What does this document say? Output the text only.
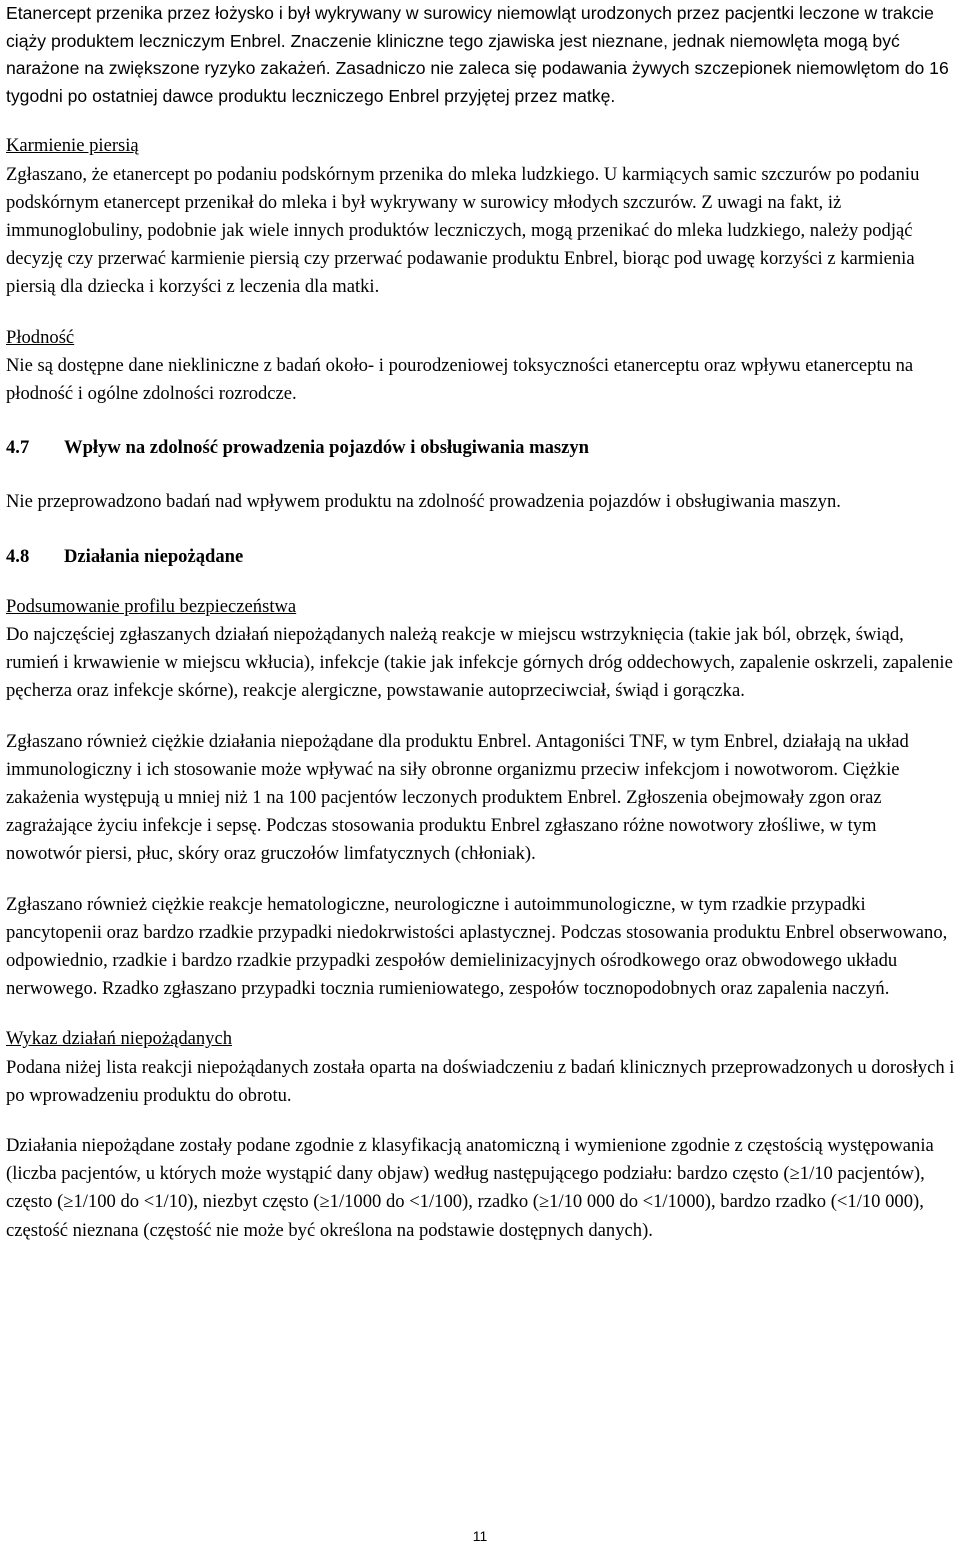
Etanercept przenika przez łożysko i był wykrywany w surowicy niemowląt urodzonych przez pacjentki leczone w trakcie ciąży produktem leczniczym Enbrel. Znaczenie kliniczne tego zjawiska jest nieznane, jednak niemowlęta mogą być narażone na zwiększone ryzyko zakażeń. Zasadniczo nie zaleca się podawania żywych szczepionek niemowlętom do 16 tygodni po ostatniej dawce produktu leczniczego Enbrel przyjętej przez matkę.

Karmienie piersią

Zgłaszano, że etanercept po podaniu podskórnym przenika do mleka ludzkiego. U karmiących samic szczurów po podaniu podskórnym etanercept przenikał do mleka i był wykrywany w surowicy młodych szczurów. Z uwagi na fakt, iż immunoglobuliny, podobnie jak wiele innych produktów leczniczych, mogą przenikać do mleka ludzkiego, należy podjąć decyzję czy przerwać karmienie piersią czy przerwać podawanie produktu Enbrel, biorąc pod uwagę korzyści z karmienia piersią dla dziecka i korzyści z leczenia dla matki.

Płodność

Nie są dostępne dane niekliniczne z badań około- i pourodzeniowej toksyczności etanerceptu oraz wpływu etanerceptu na płodność i ogólne zdolności rozrodcze.

4.7 Wpływ na zdolność prowadzenia pojazdów i obsługiwania maszyn

Nie przeprowadzono badań nad wpływem produktu na zdolność prowadzenia pojazdów i obsługiwania maszyn.

4.8 Działania niepożądane

Podsumowanie profilu bezpieczeństwa

Do najczęściej zgłaszanych działań niepożądanych należą reakcje w miejscu wstrzyknięcia (takie jak ból, obrzęk, świąd, rumień i krwawienie w miejscu wkłucia), infekcje (takie jak infekcje górnych dróg oddechowych, zapalenie oskrzeli, zapalenie pęcherza oraz infekcje skórne), reakcje alergiczne, powstawanie autoprzeciwciał, świąd i gorączka.

Zgłaszano również ciężkie działania niepożądane dla produktu Enbrel. Antagoniści TNF, w tym Enbrel, działają na układ immunologiczny i ich stosowanie może wpływać na siły obronne organizmu przeciw infekcjom i nowotworom. Ciężkie zakażenia występują u mniej niż 1 na 100 pacjentów leczonych produktem Enbrel. Zgłoszenia obejmowały zgon oraz zagrażające życiu infekcje i sepsę. Podczas stosowania produktu Enbrel zgłaszano różne nowotwory złośliwe, w tym nowotwór piersi, płuc, skóry oraz gruczołów limfatycznych (chłoniak).

Zgłaszano również ciężkie reakcje hematologiczne, neurologiczne i autoimmunologiczne, w tym rzadkie przypadki pancytopenii oraz bardzo rzadkie przypadki niedokrwistości aplastycznej. Podczas stosowania produktu Enbrel obserwowano, odpowiednio, rzadkie i bardzo rzadkie przypadki zespołów demielinizacyjnych ośrodkowego oraz obwodowego układu nerwowego. Rzadko zgłaszano przypadki tocznia rumieniowatego, zespołów tocznopodobnych oraz zapalenia naczyń.

Wykaz działań niepożądanych

Podana niżej lista reakcji niepożądanych została oparta na doświadczeniu z badań klinicznych przeprowadzonych u dorosłych i po wprowadzeniu produktu do obrotu.

Działania niepożądane zostały podane zgodnie z klasyfikacją anatomiczną i wymienione zgodnie z częstością występowania (liczba pacjentów, u których może wystąpić dany objaw) według następującego podziału: bardzo często (≥1/10 pacjentów), często (≥1/100 do <1/10), niezbyt często (≥1/1000 do <1/100), rzadko (≥1/10 000 do <1/1000), bardzo rzadko (<1/10 000), częstość nieznana (częstość nie może być określona na podstawie dostępnych danych).

11
